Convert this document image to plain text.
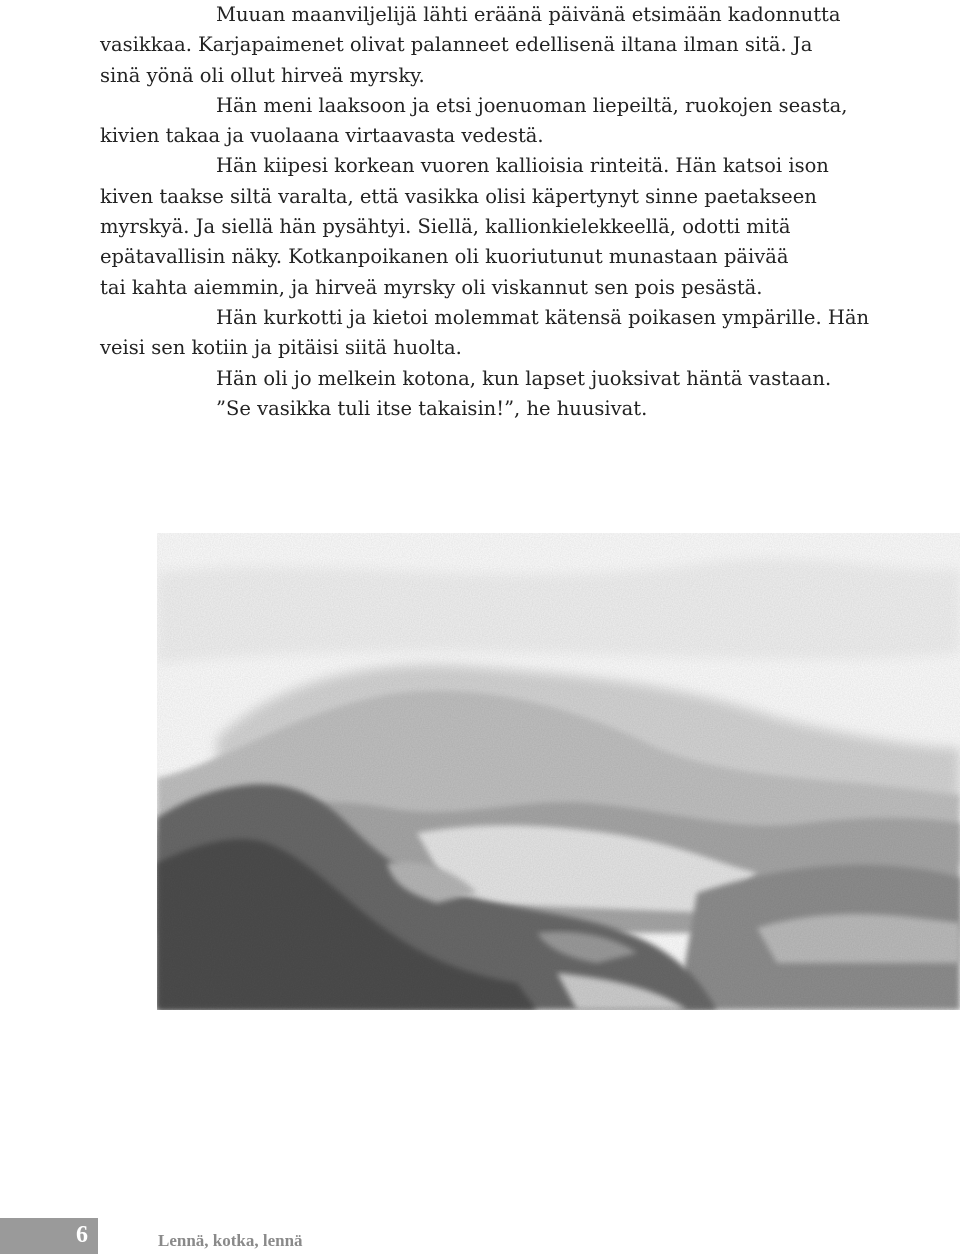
Muuan maanviljelijä lähti eräänä päivänä etsimään kadonnutta
vasikkaa. Karjapaimenet olivat palanneet edellisenä iltana ilman sitä. Ja
sinä yönä oli ollut hirveä myrsky.

Hän meni laaksoon ja etsi joenuoman liepeiltä, ruokojen seasta,
kivien takaa ja vuolaana virtaavasta vedestä.

Hän kiipesi korkean vuoren kallioisia rinteitä. Hän katsoi ison
kiven taakse siltä varalta, että vasikka olisi käpertynyt sinne paetakseen
myrskyä. Ja siellä hän pysähtyi. Siellä, kallionkielekkeellä, odotti mitä
epätavallisin näky. Kotkanpoikanen oli kuoriutunut munastaan päivää
tai kahta aiemmin, ja hirveä myrsky oli viskannut sen pois pesästä.

Hän kurkotti ja kietoi molemmat kätensä poikasen ympärille. Hän
veisi sen kotiin ja pitäisi siitä huolta.

Hän oli jo melkein kotona, kun lapset juoksivat häntä vastaan.

”Se vasikka tuli itse takaisin!”, he huusivat.

6	Lennä, kotka, lennä
